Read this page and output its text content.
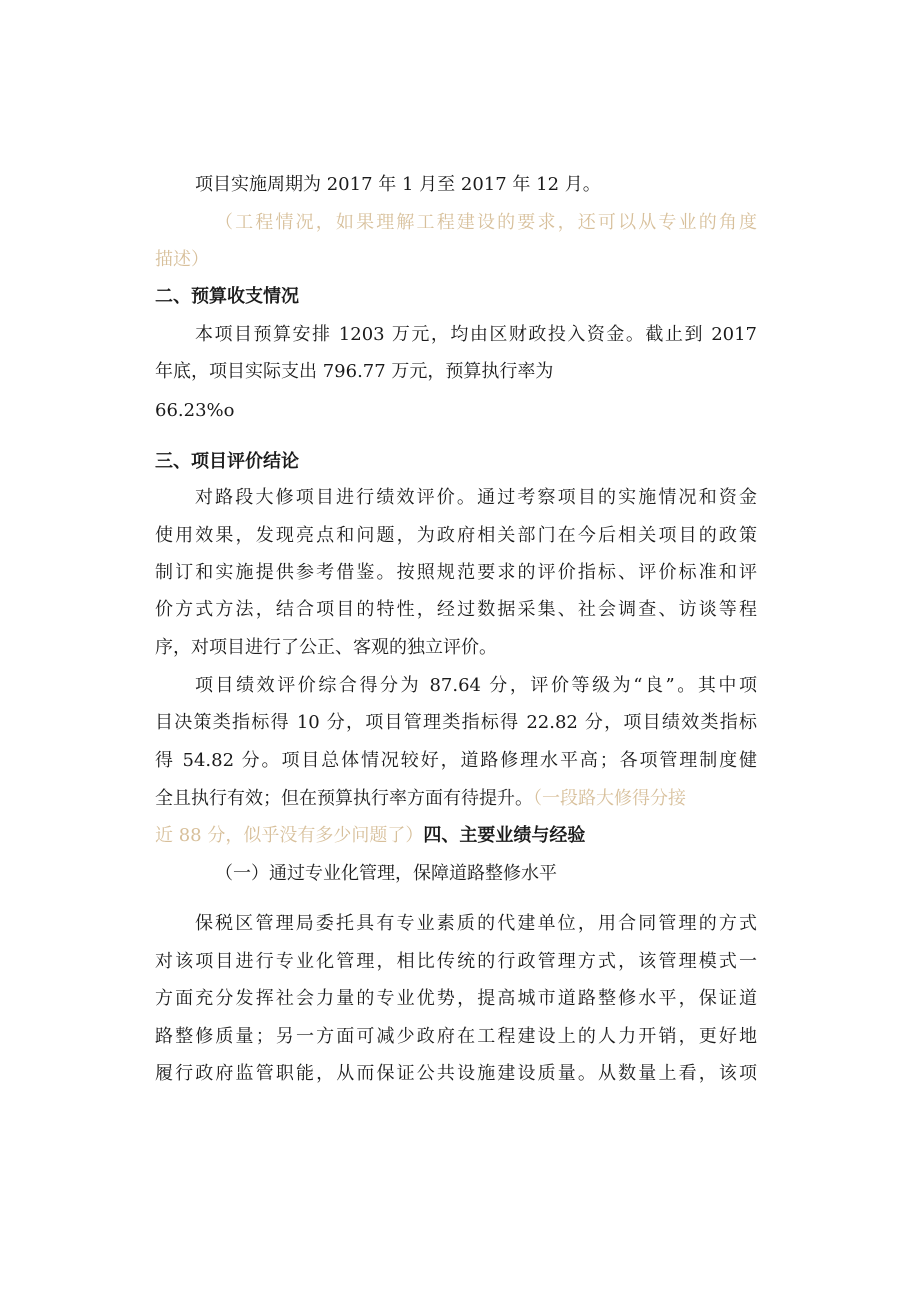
项目实施周期为 2017 年 1 月至 2017 年 12 月。
（工程情况，如果理解工程建设的要求，还可以从专业的角度
描述）
二、预算收支情况
本项目预算安排 1203 万元，均由区财政投入资金。截止到 2017
年底，项目实际支出 796.77 万元，预算执行率为
66.23%o
三、项目评价结论
对路段大修项目进行绩效评价。通过考察项目的实施情况和资金
使用效果，发现亮点和问题，为政府相关部门在今后相关项目的政策
制订和实施提供参考借鉴。按照规范要求的评价指标、评价标准和评
价方式方法，结合项目的特性，经过数据采集、社会调查、访谈等程
序，对项目进行了公正、客观的独立评价。
项目绩效评价综合得分为 87.64 分，评价等级为“良”。其中项
目决策类指标得 10 分，项目管理类指标得 22.82 分，项目绩效类指标
得 54.82 分。项目总体情况较好，道路修理水平高；各项管理制度健
全且执行有效；但在预算执行率方面有待提升。（一段路大修得分接
近 88 分，似乎没有多少问题了）四、主要业绩与经验
（一）通过专业化管理，保障道路整修水平
保税区管理局委托具有专业素质的代建单位，用合同管理的方式
对该项目进行专业化管理，相比传统的行政管理方式，该管理模式一
方面充分发挥社会力量的专业优势，提高城市道路整修水平，保证道
路整修质量；另一方面可减少政府在工程建设上的人力开销，更好地
履行政府监管职能，从而保证公共设施建设质量。从数量上看，该项
